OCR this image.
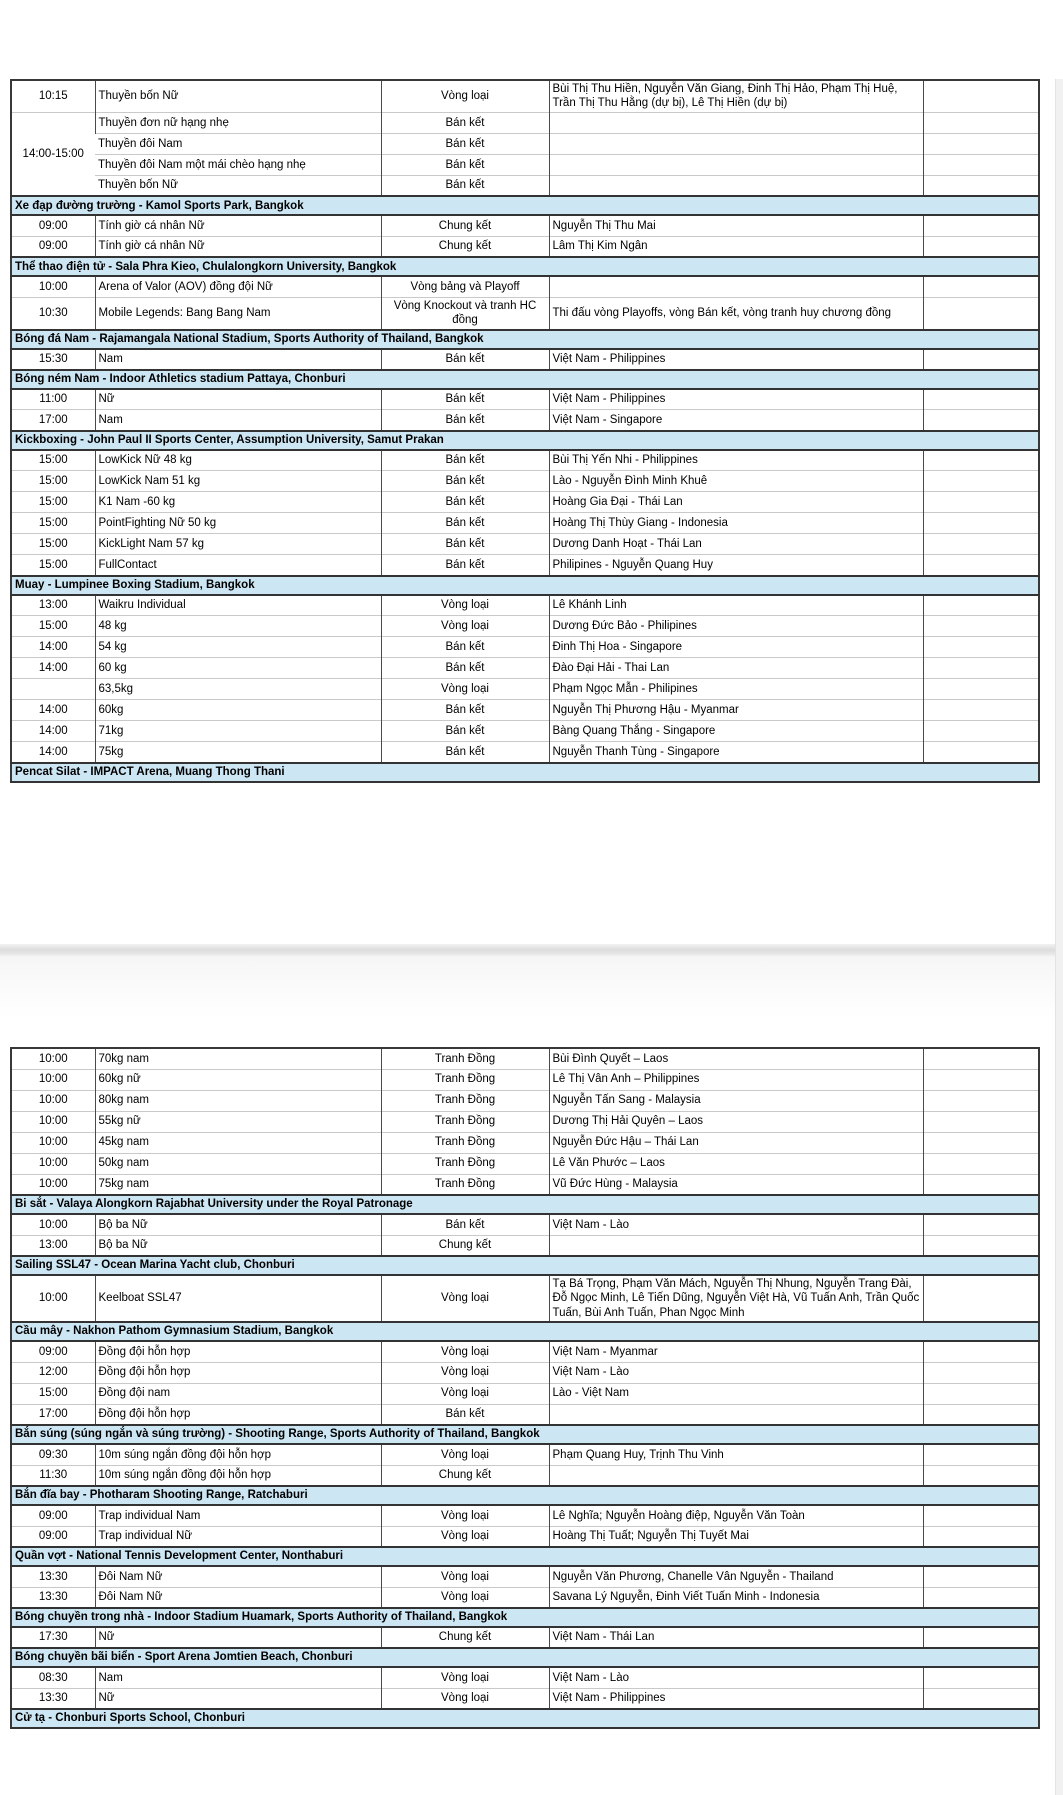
10:15	Thuyền bốn Nữ	Vòng loại	Bùi Thị Thu Hiền, Nguyễn Văn Giang, Đinh Thị Hảo, Phạm Thị Huệ, Trần Thị Thu Hằng (dự bị), Lê Thị Hiền (dự bị)	
14:00-15:00	Thuyền đơn nữ hạng nhẹ	Bán kết		
	Thuyền đôi Nam	Bán kết		
	Thuyền đôi Nam một mái chèo hạng nhẹ	Bán kết		
	Thuyền bốn Nữ	Bán kết		
Xe đạp đường trường - Kamol Sports Park, Bangkok				
09:00	Tính giờ cá nhân Nữ	Chung kết	Nguyễn Thị Thu Mai	
09:00	Tính giờ cá nhân Nữ	Chung kết	Lâm Thị Kim Ngân	
Thể thao điện tử - Sala Phra Kieo, Chulalongkorn University, Bangkok				
10:00	Arena of Valor (AOV) đồng đội Nữ	Vòng bảng và Playoff		
10:30	Mobile Legends: Bang Bang Nam	Vòng Knockout và tranh HC đồng	Thi đấu vòng Playoffs, vòng Bán kết, vòng tranh huy chương đồng	
Bóng đá Nam - Rajamangala National Stadium, Sports Authority of Thailand, Bangkok				
15:30	Nam	Bán kết	Việt Nam - Philippines	
Bóng ném Nam - Indoor Athletics stadium Pattaya, Chonburi				
11:00	Nữ	Bán kết	Việt Nam - Philippines	
17:00	Nam	Bán kết	Việt Nam - Singapore	
Kickboxing - John Paul II Sports Center, Assumption University, Samut Prakan				
15:00	LowKick Nữ 48 kg	Bán kết	Bùi Thị Yến Nhi - Philippines	
15:00	LowKick Nam 51 kg	Bán kết	Lào - Nguyễn Đình Minh Khuê	
15:00	K1 Nam -60 kg	Bán kết	Hoàng Gia Đại - Thái Lan	
15:00	PointFighting Nữ 50 kg	Bán kết	Hoàng Thị Thùy Giang - Indonesia	
15:00	KickLight Nam 57 kg	Bán kết	Dương Danh Hoạt - Thái Lan	
15:00	FullContact	Bán kết	Philipines - Nguyễn Quang Huy	
Muay - Lumpinee Boxing Stadium, Bangkok				
13:00	Waikru Individual	Vòng loại	Lê Khánh Linh	
15:00	48 kg	Vòng loại	Dương Đức Bảo - Philipines	
14:00	54 kg	Bán kết	Đinh Thị Hoa - Singapore	
14:00	60 kg	Bán kết	Đào Đại Hải - Thai Lan	
	63,5kg	Vòng loại	Phạm Ngọc Mẫn - Philipines	
14:00	60kg	Bán kết	Nguyễn Thị Phương Hậu - Myanmar	
14:00	71kg	Bán kết	Bàng Quang Thắng - Singapore	
14:00	75kg	Bán kết	Nguyễn Thanh Tùng - Singapore	
Pencat Silat - IMPACT Arena, Muang Thong Thani				
10:00	70kg nam	Tranh Đồng	Bùi Đình Quyết – Laos	
10:00	60kg nữ	Tranh Đồng	Lê Thị Vân Anh – Philippines	
10:00	80kg nam	Tranh Đồng	Nguyễn Tấn Sang - Malaysia	
10:00	55kg nữ	Tranh Đồng	Dương Thị Hải Quyên – Laos	
10:00	45kg nam	Tranh Đồng	Nguyễn Đức Hậu – Thái Lan	
10:00	50kg nam	Tranh Đồng	Lê Văn Phước – Laos	
10:00	75kg nam	Tranh Đồng	Vũ Đức Hùng - Malaysia	
Bi sắt - Valaya Alongkorn Rajabhat University under the Royal Patronage				
10:00	Bộ ba Nữ	Bán kết	Việt Nam - Lào	
13:00	Bộ ba Nữ	Chung kết		
Sailing SSL47 - Ocean Marina Yacht club, Chonburi				
10:00	Keelboat SSL47	Vòng loại	Tạ Bá Trọng, Phạm Văn Mách, Nguyễn Thị Nhung, Nguyễn Trang Đài, Đỗ Ngọc Minh, Lê Tiến Dũng, Nguyễn Việt Hà, Vũ Tuấn Anh, Trần Quốc Tuấn, Bùi Anh Tuấn, Phan Ngọc Minh	
Cầu mây - Nakhon Pathom Gymnasium Stadium, Bangkok				
09:00	Đồng đội hỗn hợp	Vòng loại	Việt Nam - Myanmar	
12:00	Đồng đội hỗn hợp	Vòng loại	Việt Nam - Lào	
15:00	Đồng đội nam	Vòng loại	Lào - Việt Nam	
17:00	Đồng đội hỗn hợp	Bán kết		
Bắn súng (súng ngắn và súng trường) - Shooting Range, Sports Authority of Thailand, Bangkok				
09:30	10m súng ngắn đồng đội hỗn hợp	Vòng loại	Phạm Quang Huy, Trịnh Thu Vinh	
11:30	10m súng ngắn đồng đội hỗn hợp	Chung kết		
Bắn đĩa bay - Photharam Shooting Range, Ratchaburi				
09:00	Trap individual Nam	Vòng loại	Lê Nghĩa; Nguyễn Hoàng điệp, Nguyễn Văn Toàn	
09:00	Trap individual Nữ	Vòng loại	Hoàng Thị Tuất; Nguyễn Thị Tuyết Mai	
Quần vợt - National Tennis Development Center, Nonthaburi				
13:30	Đôi Nam Nữ	Vòng loại	Nguyễn Văn Phương, Chanelle Vân Nguyễn - Thailand	
13:30	Đôi Nam Nữ	Vòng loại	Savana Lý Nguyễn, Đinh Viết Tuấn Minh - Indonesia	
Bóng chuyền trong nhà - Indoor Stadium Huamark, Sports Authority of Thailand, Bangkok				
17:30	Nữ	Chung kết	Việt Nam - Thái Lan	
Bóng chuyền bãi biển - Sport Arena Jomtien Beach, Chonburi				
08:30	Nam	Vòng loại	Việt Nam - Lào	
13:30	Nữ	Vòng loại	Việt Nam - Philippines	
Cử tạ - Chonburi Sports School, Chonburi				
